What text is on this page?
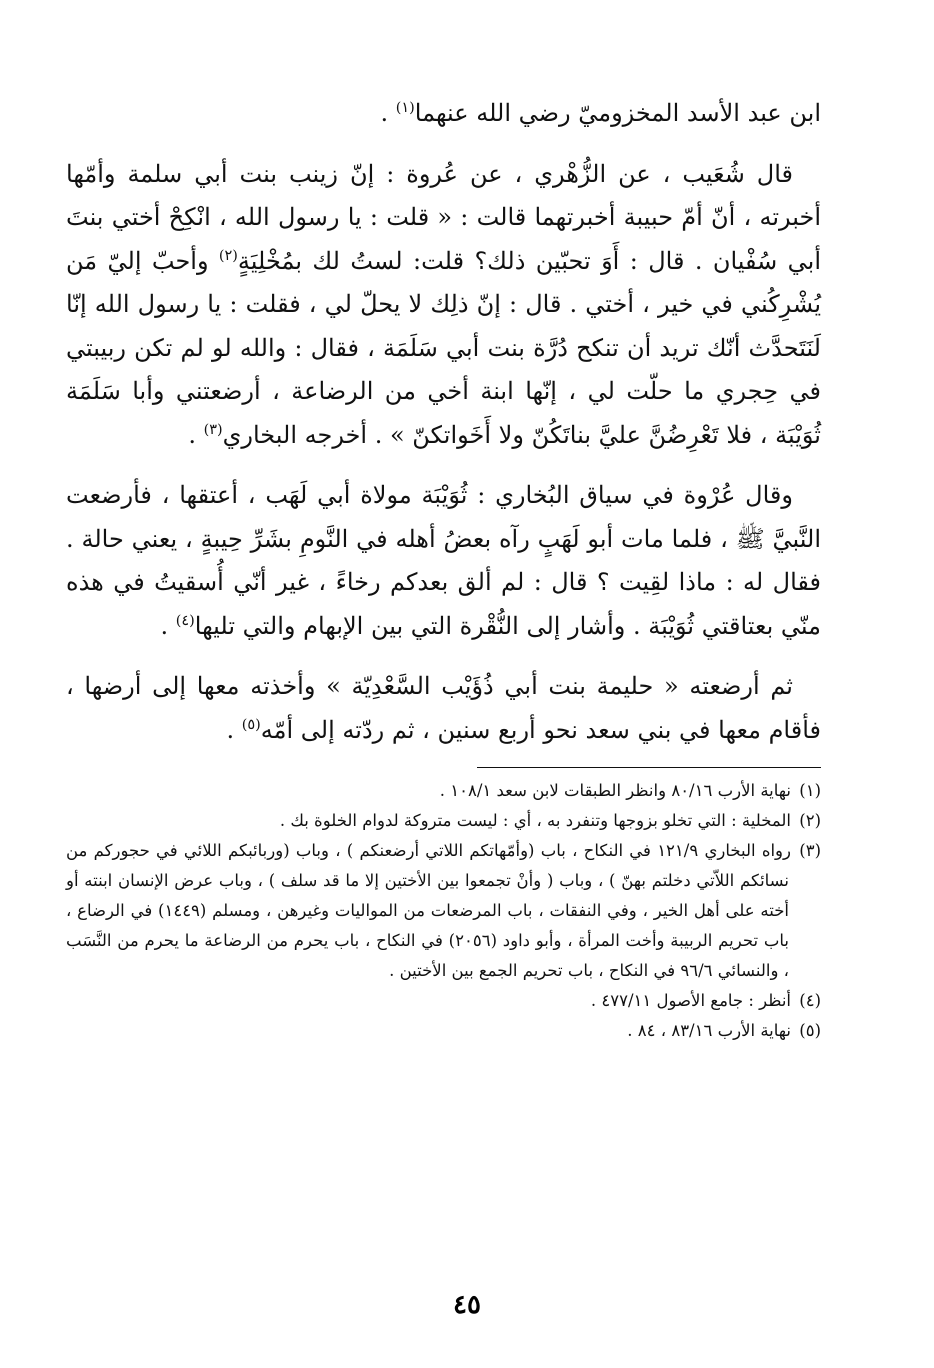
ابن عبد الأسد المخزوميّ رضي الله عنهما$^{(١)}$ .

قال شُعَيب ، عن الزُّهْري ، عن عُروة : إنّ زينب بنت أبي سلمة وأمّها أخبرته ، أنّ أمّ حبيبة أخبرتهما قالت : « قلت : يا رسول الله ، انْكِحْ أختي بنتَ أبي سُفْيان . قال : أَوَ تحبّين ذلك؟ قلت: لستُ لك بمُخْلِيَةٍ$^{(٢)}$ وأحبّ إليّ مَن يُشْرِكُني في خير ، أختي . قال : إنّ ذلِك لا يحلّ لي ، فقلت : يا رسول الله إنّا لَنَتَحدَّث أنّك تريد أن تنكح دُرَّة بنت أبي سَلَمَة ، فقال : والله لو لم تكن ربيبتي في حِجري ما حلّت لي ، إنّها ابنة أخي من الرضاعة ، أرضعتني وأبا سَلَمَة ثُوَيْبَة ، فلا تَعْرِضُنَّ عليَّ بناتَكُنّ ولا أَخَواتكنّ » . أخرجه البخاري$^{(٣)}$ .

وقال عُرْوة في سياق البُخاري : ثُوَيْبَة مولاة أبي لَهَب ، أعتقها ، فأرضعت النَّبيَّ ﷺ ، فلما مات أبو لَهَبٍ رآه بعضُ أهله في النَّومِ بشَرِّ حِيبةٍ ، يعني حالة . فقال له : ماذا لقِيت ؟ قال : لم ألق بعدكم رخاءً ، غير أنّي أُسقيتُ في هذه منّي بعتاقتي ثُوَيْبَة . وأشار إلى النُّقْرة التي بين الإبهام والتي تليها$^{(٤)}$ .

ثم أرضعته « حليمة بنت أبي ذُؤَيْب السَّعْدِيّة » وأخذته معها إلى أرضها ، فأقام معها في بني سعد نحو أربع سنين ، ثم ردّته إلى أمّه$^{(٥)}$ .

(١)نهاية الأرب ٨٠/١٦ وانظر الطبقات لابن سعد ١٠٨/١ .
(٢)المخلية : التي تخلو بزوجها وتنفرد به ، أي : ليست متروكة لدوام الخلوة بك .
(٣)رواه البخاري ١٢١/٩ في النكاح ، باب (وأمّهاتكم اللاتي أرضعنكم ) ، وباب (وربائبكم اللائي في حجوركم من نسائكم اللاّتي دخلتم بهنّ ) ، وباب ( وأنْ تجمعوا بين الأختين إلا ما قد سلف ) ، وباب عرض الإنسان ابنته أو أخته على أهل الخير ، وفي النفقات ، باب المرضعات من المواليات وغيرهن ، ومسلم (١٤٤٩) في الرضاع ، باب تحريم الربيبة وأخت المرأة ، وأبو داود (٢٠٥٦) في النكاح ، باب يحرم من الرضاعة ما يحرم من النَّسَب ، والنسائي ٩٦/٦ في النكاح ، باب تحريم الجمع بين الأختين .
(٤)أنظر : جامع الأصول ٤٧٧/١١ .
(٥)نهاية الأرب ٨٣/١٦ ، ٨٤ .
٤٥
